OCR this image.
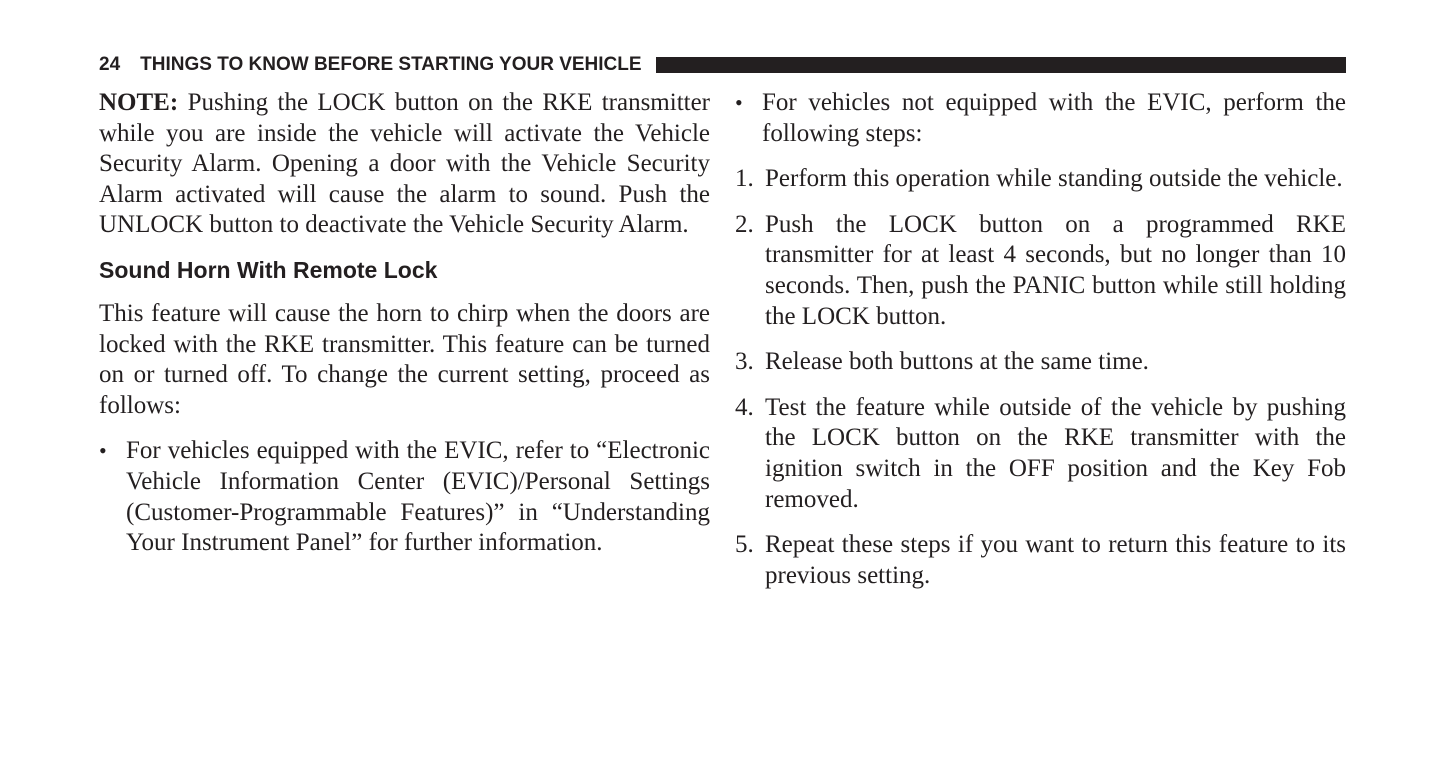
24 THINGS TO KNOW BEFORE STARTING YOUR VEHICLE

NOTE: Pushing the LOCK button on the RKE transmitter while you are inside the vehicle will activate the Vehicle Security Alarm. Opening a door with the Vehicle Security Alarm activated will cause the alarm to sound. Push the UNLOCK button to deactivate the Vehicle Security Alarm.

Sound Horn With Remote Lock

This feature will cause the horn to chirp when the doors are locked with the RKE transmitter. This feature can be turned on or turned off. To change the current setting, proceed as follows:

• For vehicles equipped with the EVIC, refer to “Electronic Vehicle Information Center (EVIC)/Personal Settings (Customer-Programmable Features)” in “Understanding Your Instrument Panel” for further information.
• For vehicles not equipped with the EVIC, perform the following steps:
1. Perform this operation while standing outside the vehicle.
2. Push the LOCK button on a programmed RKE transmitter for at least 4 seconds, but no longer than 10 seconds. Then, push the PANIC button while still holding the LOCK button.
3. Release both buttons at the same time.
4. Test the feature while outside of the vehicle by pushing the LOCK button on the RKE transmitter with the ignition switch in the OFF position and the Key Fob removed.
5. Repeat these steps if you want to return this feature to its previous setting.
